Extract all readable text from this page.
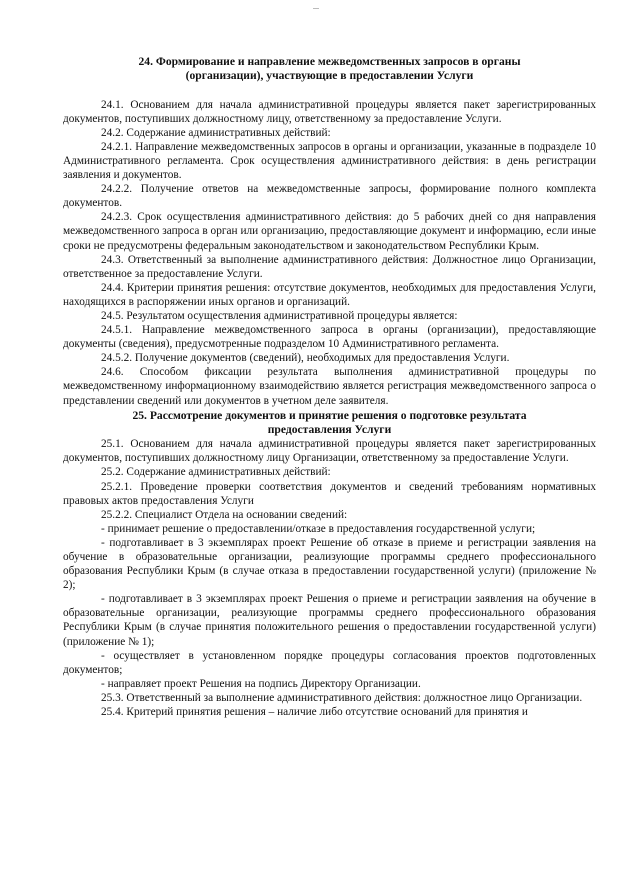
24. Формирование и направление межведомственных запросов в органы
(организации), участвующие в предоставлении Услуги

24.1. Основанием для начала административной процедуры является пакет зарегистрированных документов, поступивших должностному лицу, ответственному за предоставление Услуги.

24.2. Содержание административных действий:

24.2.1. Направление межведомственных запросов в органы и организации, указанные в подразделе 10 Административного регламента. Срок осуществления административного действия: в день регистрации заявления и документов.

24.2.2. Получение ответов на межведомственные запросы, формирование полного комплекта документов.

24.2.3. Срок осуществления административного действия: до 5 рабочих дней со дня направления межведомственного запроса в орган или организацию, предоставляющие документ и информацию, если иные сроки не предусмотрены федеральным законодательством и законодательством Республики Крым.

24.3. Ответственный за выполнение административного действия: Должностное лицо Организации, ответственное за предоставление Услуги.

24.4. Критерии принятия решения: отсутствие документов, необходимых для предоставления Услуги, находящихся в распоряжении иных органов и организаций.

24.5. Результатом осуществления административной процедуры является:

24.5.1. Направление межведомственного запроса в органы (организации), предоставляющие документы (сведения), предусмотренные подразделом 10 Административного регламента.

24.5.2. Получение документов (сведений), необходимых для предоставления Услуги.

24.6. Способом фиксации результата выполнения административной процедуры по межведомственному информационному взаимодействию является регистрация межведомственного запроса о представлении сведений или документов в учетном деле заявителя.

25. Рассмотрение документов и принятие решения о подготовке результата
предоставления Услуги

25.1. Основанием для начала административной процедуры является пакет зарегистрированных документов, поступивших должностному лицу Организации, ответственному за предоставление Услуги.

25.2. Содержание административных действий:

25.2.1. Проведение проверки соответствия документов и сведений требованиям нормативных правовых актов предоставления Услуги

25.2.2. Специалист Отдела на основании сведений:

- принимает решение о предоставлении/отказе в предоставления государственной услуги;

- подготавливает в 3 экземплярах проект Решение об отказе в приеме и регистрации заявления на обучение в образовательные организации, реализующие программы среднего профессионального образования Республики Крым (в случае отказа в предоставлении государственной услуги) (приложение № 2);

- подготавливает в 3 экземплярах проект Решения о приеме и регистрации заявления на обучение в образовательные организации, реализующие программы среднего профессионального образования Республики Крым (в случае принятия положительного решения о предоставлении государственной услуги) (приложение № 1);

- осуществляет в установленном порядке процедуры согласования проектов подготовленных документов;

- направляет проект Решения на подпись Директору Организации.

25.3. Ответственный за выполнение административного действия: должностное лицо Организации.

25.4. Критерий принятия решения – наличие либо отсутствие оснований для принятия и
